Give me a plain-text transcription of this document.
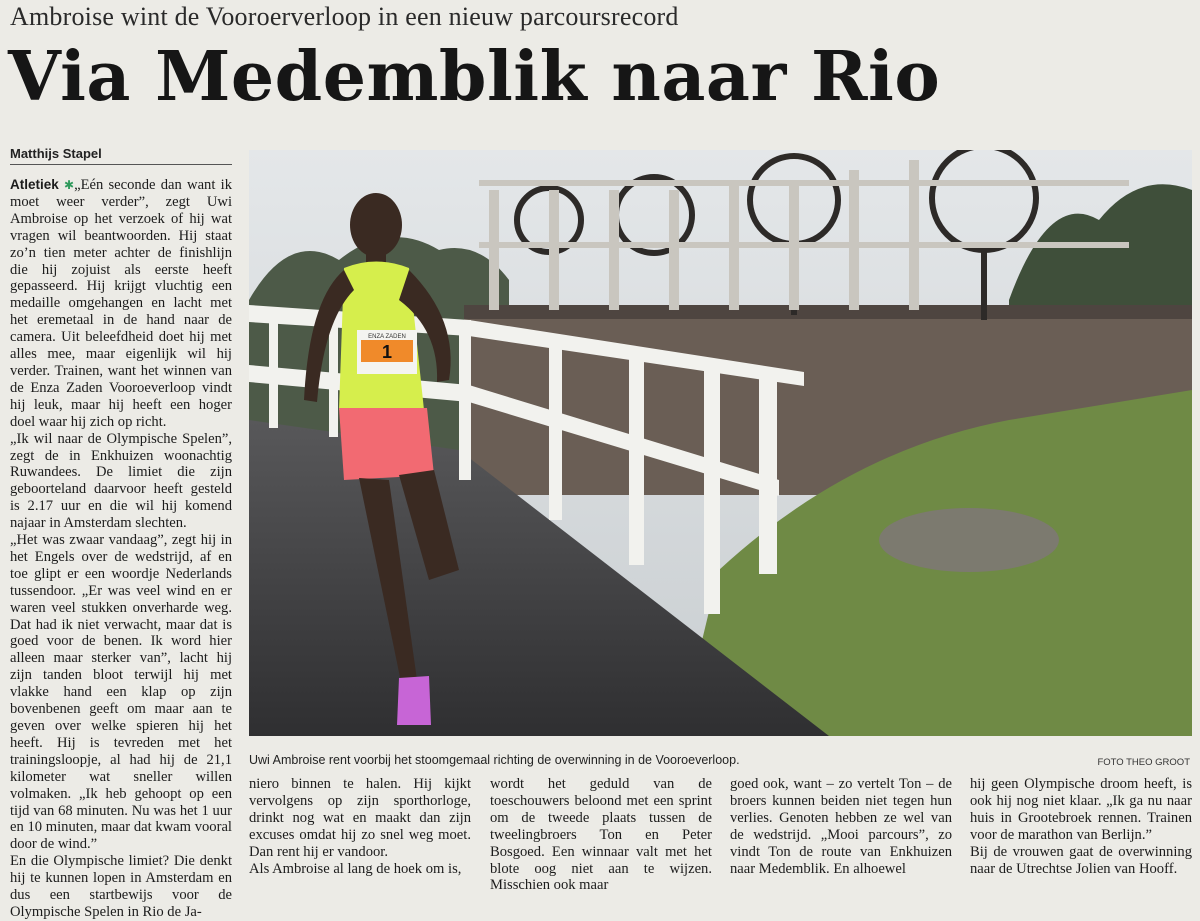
Ambroise wint de Vooroerverloop in een nieuw parcoursrecord
Via Medemblik naar Rio
Matthijs Stapel

Atletiek ✱„Eén seconde dan want ik moet weer verder”, zegt Uwi Ambroise op het verzoek of hij wat vragen wil beantwoorden. Hij staat zo’n tien meter achter de finishlijn die hij zojuist als eerste heeft gepasseerd. Hij krijgt vluchtig een medaille omgehangen en lacht met het eremetaal in de hand naar de camera. Uit beleefdheid doet hij met alles mee, maar eigenlijk wil hij verder. Trainen, want het winnen van de Enza Zaden Vooroeverloop vindt hij leuk, maar hij heeft een hoger doel waar hij zich op richt.

„Ik wil naar de Olympische Spelen”, zegt de in Enkhuizen woonachtig Ruwandees. De limiet die zijn geboorteland daarvoor heeft gesteld is 2.17 uur en die wil hij komend najaar in Amsterdam slechten.

„Het was zwaar vandaag”, zegt hij in het Engels over de wedstrijd, af en toe glipt er een woordje Nederlands tussendoor. „Er was veel wind en er waren veel stukken onverharde weg. Dat had ik niet verwacht, maar dat is goed voor de benen. Ik word hier alleen maar sterker van”, lacht hij zijn tanden bloot terwijl hij met vlakke hand een klap op zijn bovenbenen geeft om maar aan te geven over welke spieren hij het heeft. Hij is tevreden met het trainingsloopje, al had hij de 21,1 kilometer wat sneller willen volmaken. „Ik heb gehoopt op een tijd van 68 minuten. Nu was het 1 uur en 10 minuten, maar dat kwam vooral door de wind.”

En die Olympische limiet? Die denkt hij te kunnen lopen in Amsterdam en dus een startbewijs voor de Olympische Spelen in Rio de Ja-

1
ENZA ZADEN
Uwi Ambroise rent voorbij het stoomgemaal richting de overwinning in de Vooroeverloop.	FOTO THEO GROOT

niero binnen te halen. Hij kijkt vervolgens op zijn sporthorloge, drinkt nog wat en maakt dan zijn excuses omdat hij zo snel weg moet. Dan rent hij er vandoor.

Als Ambroise al lang de hoek om is,

wordt het geduld van de toeschouwers beloond met een sprint om de tweede plaats tussen de tweelingbroers Ton en Peter Bosgoed. Een winnaar valt met het blote oog niet aan te wijzen. Misschien ook maar

goed ook, want – zo vertelt Ton – de broers kunnen beiden niet tegen hun verlies. Genoten hebben ze wel van de wedstrijd. „Mooi parcours”, zo vindt Ton de route van Enkhuizen naar Medemblik. En alhoewel

hij geen Olympische droom heeft, is ook hij nog niet klaar. „Ik ga nu naar huis in Grootebroek rennen. Trainen voor de marathon van Berlijn.”

Bij de vrouwen gaat de overwinning naar de Utrechtse Jolien van Hooff.
